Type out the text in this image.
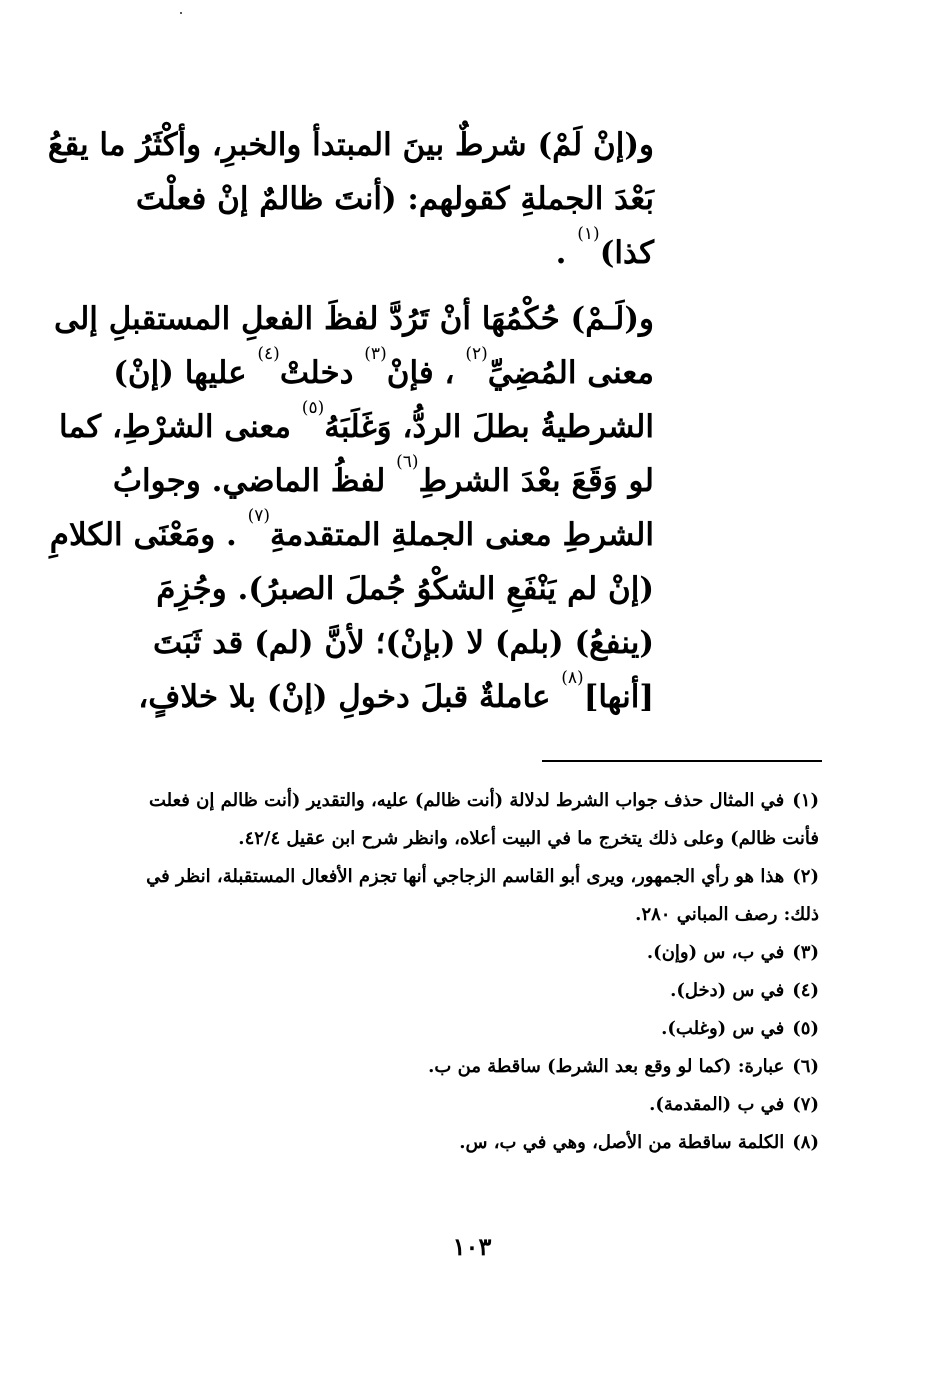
و(إنْ لَمْ) شرطٌ بينَ المبتدأ والخبرِ، وأكْثَرُ ما يقعُ
بَعْدَ الجملةِ كقولهم: (أنتَ ظالمٌ إنْ فعلْتَ
كذا)$^{(١)}$ .
و(لَـمْ) حُكْمُهَا أنْ تَرُدَّ لفظَ الفعلِ المستقبلِ إلى
معنى المُضِيِّ$^{(٢)}$ ، فإنْ$^{(٣)}$ دخلتْ$^{(٤)}$ عليها (إنْ)
الشرطيةُ بطلَ الردُّ، وَغَلَبَهُ$^{(٥)}$ معنى الشرْطِ، كما
لو وَقَعَ بعْدَ الشرطِ$^{(٦)}$ لفظُ الماضي. وجوابُ
الشرطِ معنى الجملةِ المتقدمةِ$^{(٧)}$ . ومَعْنَى الكلامِ
(إنْ لم يَنْفَعِ الشكْوُ جُملَ الصبرُ). وجُزِمَ
(ينفعُ) (بلم) لا (بإنْ)؛ لأنَّ (لم) قد ثَبَتَ
[أنها]$^{(٨)}$ عاملةٌ قبلَ دخولِ (إنْ) بلا خلافٍ،
(١)في المثال حذف جواب الشرط لدلالة (أنت ظالم) عليه، والتقدير (أنت ظالم إن فعلت فأنت ظالم) وعلى ذلك يتخرج ما في البيت أعلاه، وانظر شرح ابن عقيل ٤٢/٤.
(٢)هذا هو رأي الجمهور، ويرى أبو القاسم الزجاجي أنها تجزم الأفعال المستقبلة، انظر في ذلك: رصف المباني ٢٨٠.
(٣)في ب، س (وإن).
(٤)في س (دخل).
(٥)في س (وغلب).
(٦)عبارة: (كما لو وقع بعد الشرط) ساقطة من ب.
(٧)في ب (المقدمة).
(٨)الكلمة ساقطة من الأصل، وهي في ب، س.
١٠٣
